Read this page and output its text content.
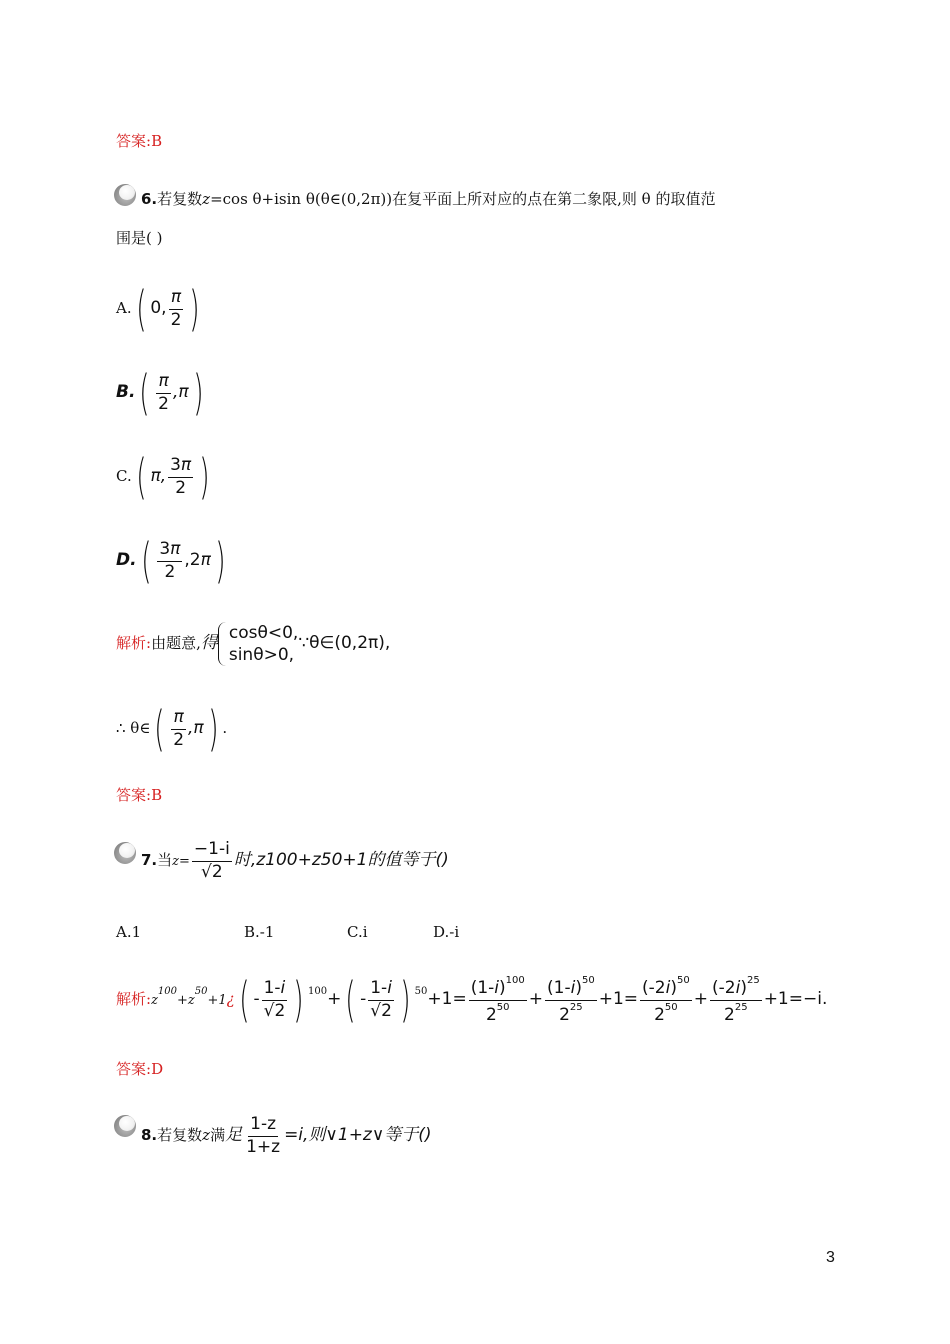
答案:B
6.若复数z=cos θ+isin θ(θ∈(0,2π))在复平面上所对应的点在第二象限,则 θ 的取值范
围是( )
A.( 0, $\frac{\pi}{2}$ )
$B.( \frac{\pi}{2} ,\pi)$
C.( π, $\frac{3\pi}{2}$ )
$D.( \frac{3\pi}{2} ,2\pi)$
解析:由题意,得 cosθ<0,
sinθ>0,
∵θ∈(0,2π),
∴ θ∈( $\frac{\pi}{2} ,\pi$) .
答案:B
7.当$z= \frac{-1-i}{√2}$ 时,z100+z50+1的值等于()
A.1	B.-1	C.i	D.-i
解析$:z^{100}+z^{50}+1¿( - \frac{1-i}{√2}$ ) $^{100}+( - \frac{1-i}{√2}$ ) $^{50}+1= \frac{(1-i)^{100}}{2^{50}} + \frac{(1-i)^{50}}{2^{25}} +1= \frac{(-2i)^{50}}{2^{50}} + \frac{(-2i)^{25}}{2^{25}} +1=-i$.
答案:D
8.若复数z满足 $\frac{1-z}{1+z} =i$,则∨1+z∨等于()
3
